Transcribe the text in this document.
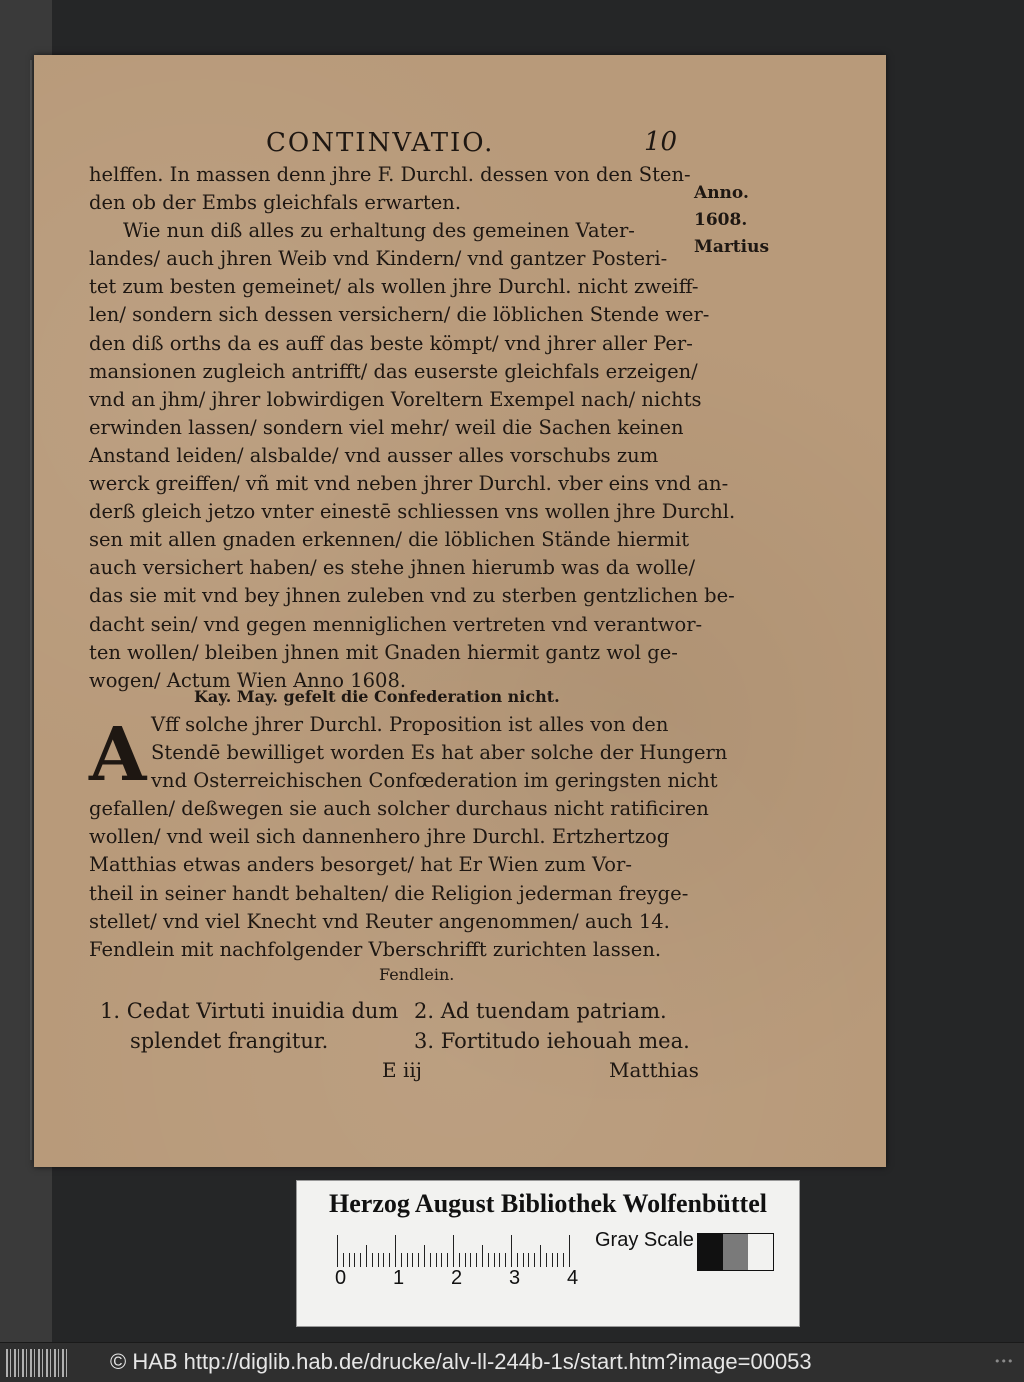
CONTINVATIO.	10
Anno.
1608.
Martius
helffen. In massen denn jhre F. Durchl. dessen von den Sten-
den ob der Embs gleichfals erwarten.
Wie nun diß alles zu erhaltung des gemeinen Vater-
landes/ auch jhren Weib vnd Kindern/ vnd gantzer Posteri-
tet zum besten gemeinet/ als wollen jhre Durchl. nicht zweiff-
len/ sondern sich dessen versichern/ die löblichen Stende wer-
den diß orths da es auff das beste kömpt/ vnd jhrer aller Per-
mansionen zugleich antrifft/ das euserste gleichfals erzeigen/
vnd an jhm/ jhrer lobwirdigen Voreltern Exempel nach/ nichts
erwinden lassen/ sondern viel mehr/ weil die Sachen keinen
Anstand leiden/ alsbalde/ vnd ausser alles vorschubs zum
werck greiffen/ vñ mit vnd neben jhrer Durchl. vber eins vnd an-
derß gleich jetzo vnter einestē schliessen vns wollen jhre Durchl.
sen mit allen gnaden erkennen/ die löblichen Stände hiermit
auch versichert haben/ es stehe jhnen hierumb was da wolle/
das sie mit vnd bey jhnen zuleben vnd zu sterben gentzlichen be-
dacht sein/ vnd gegen menniglichen vertreten vnd verantwor-
ten wollen/ bleiben jhnen mit Gnaden hiermit gantz wol ge-
wogen/ Actum Wien Anno 1608.
Kay. May. gefelt die Confederation nicht.
A Vff solche jhrer Durchl. Proposition ist alles von den
Stendē bewilliget worden Es hat aber solche der Hungern
vnd Osterreichischen Confœderation im geringsten nicht
gefallen/ deßwegen sie auch solcher durchaus nicht ratificiren
wollen/ vnd weil sich dannenhero jhre Durchl. Ertzhertzog
Matthias etwas anders besorget/ hat Er Wien zum Vor-
theil in seiner handt behalten/ die Religion jederman freyge-
stellet/ vnd viel Knecht vnd Reuter angenommen/ auch 14.
Fendlein mit nachfolgender Vberschrifft zurichten lassen.
Fendlein.
1. Cedat Virtuti inuidia dum 2. Ad tuendam patriam.
splendet frangitur.	3. Fortitudo iehouah mea.
E iij	Matthias
Herzog August Bibliothek Wolfenbüttel
0 1 2 3 4
Gray Scale
© HAB http://diglib.hab.de/drucke/alv-ll-244b-1s/start.htm?image=00053	•••
